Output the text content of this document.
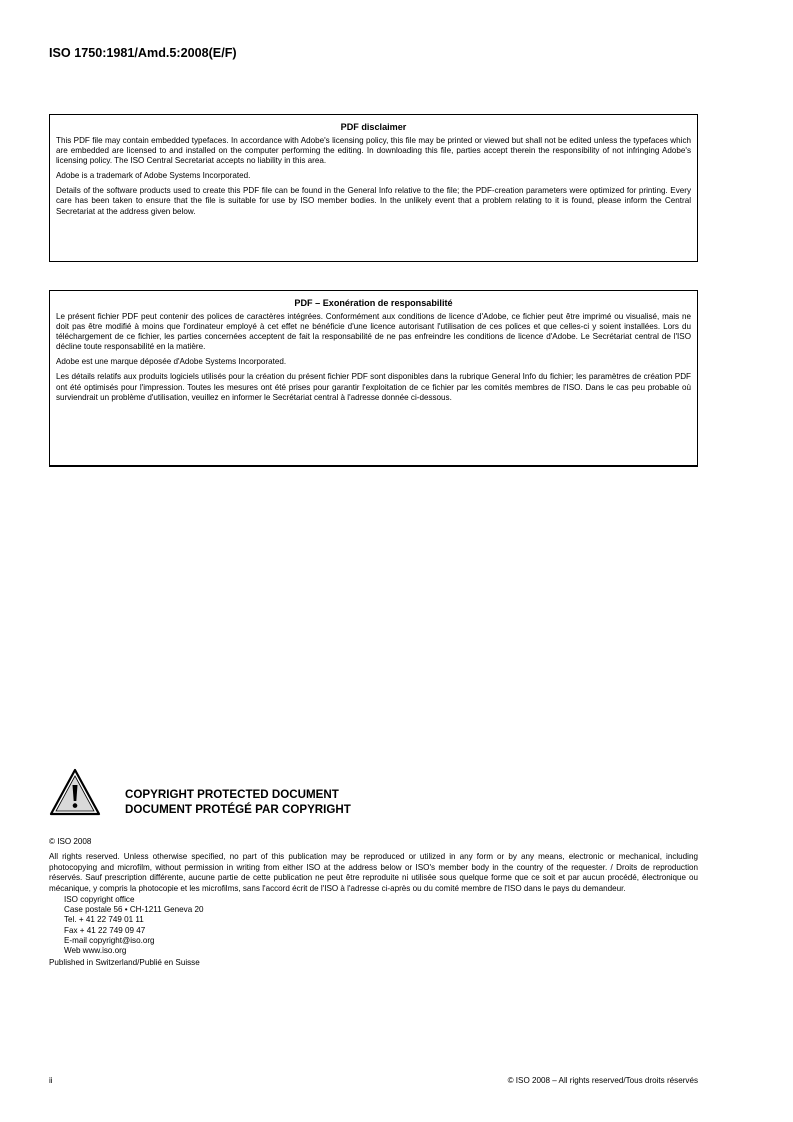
ISO 1750:1981/Amd.5:2008(E/F)
PDF disclaimer

This PDF file may contain embedded typefaces. In accordance with Adobe's licensing policy, this file may be printed or viewed but shall not be edited unless the typefaces which are embedded are licensed to and installed on the computer performing the editing. In downloading this file, parties accept therein the responsibility of not infringing Adobe's licensing policy. The ISO Central Secretariat accepts no liability in this area.

Adobe is a trademark of Adobe Systems Incorporated.

Details of the software products used to create this PDF file can be found in the General Info relative to the file; the PDF-creation parameters were optimized for printing. Every care has been taken to ensure that the file is suitable for use by ISO member bodies. In the unlikely event that a problem relating to it is found, please inform the Central Secretariat at the address given below.

PDF – Exonération de responsabilité

Le présent fichier PDF peut contenir des polices de caractères intégrées. Conformément aux conditions de licence d'Adobe, ce fichier peut être imprimé ou visualisé, mais ne doit pas être modifié à moins que l'ordinateur employé à cet effet ne bénéficie d'une licence autorisant l'utilisation de ces polices et que celles-ci y soient installées. Lors du téléchargement de ce fichier, les parties concernées acceptent de fait la responsabilité de ne pas enfreindre les conditions de licence d'Adobe. Le Secrétariat central de l'ISO décline toute responsabilité en la matière.

Adobe est une marque déposée d'Adobe Systems Incorporated.

Les détails relatifs aux produits logiciels utilisés pour la création du présent fichier PDF sont disponibles dans la rubrique General Info du fichier; les paramètres de création PDF ont été optimisés pour l'impression. Toutes les mesures ont été prises pour garantir l'exploitation de ce fichier par les comités membres de l'ISO. Dans le cas peu probable où surviendrait un problème d'utilisation, veuillez en informer le Secrétariat central à l'adresse donnée ci-dessous.

COPYRIGHT PROTECTED DOCUMENT
DOCUMENT PROTÉGÉ PAR COPYRIGHT

© ISO 2008

All rights reserved. Unless otherwise specified, no part of this publication may be reproduced or utilized in any form or by any means, electronic or mechanical, including photocopying and microfilm, without permission in writing from either ISO at the address below or ISO's member body in the country of the requester. / Droits de reproduction réservés. Sauf prescription différente, aucune partie de cette publication ne peut être reproduite ni utilisée sous quelque forme que ce soit et par aucun procédé, électronique ou mécanique, y compris la photocopie et les microfilms, sans l'accord écrit de l'ISO à l'adresse ci-après ou du comité membre de l'ISO dans le pays du demandeur.

ISO copyright office
Case postale 56 • CH-1211 Geneva 20
Tel. + 41 22 749 01 11
Fax + 41 22 749 09 47
E-mail copyright@iso.org
Web www.iso.org
Published in Switzerland/Publié en Suisse
ii	© ISO 2008 – All rights reserved/Tous droits réservés
